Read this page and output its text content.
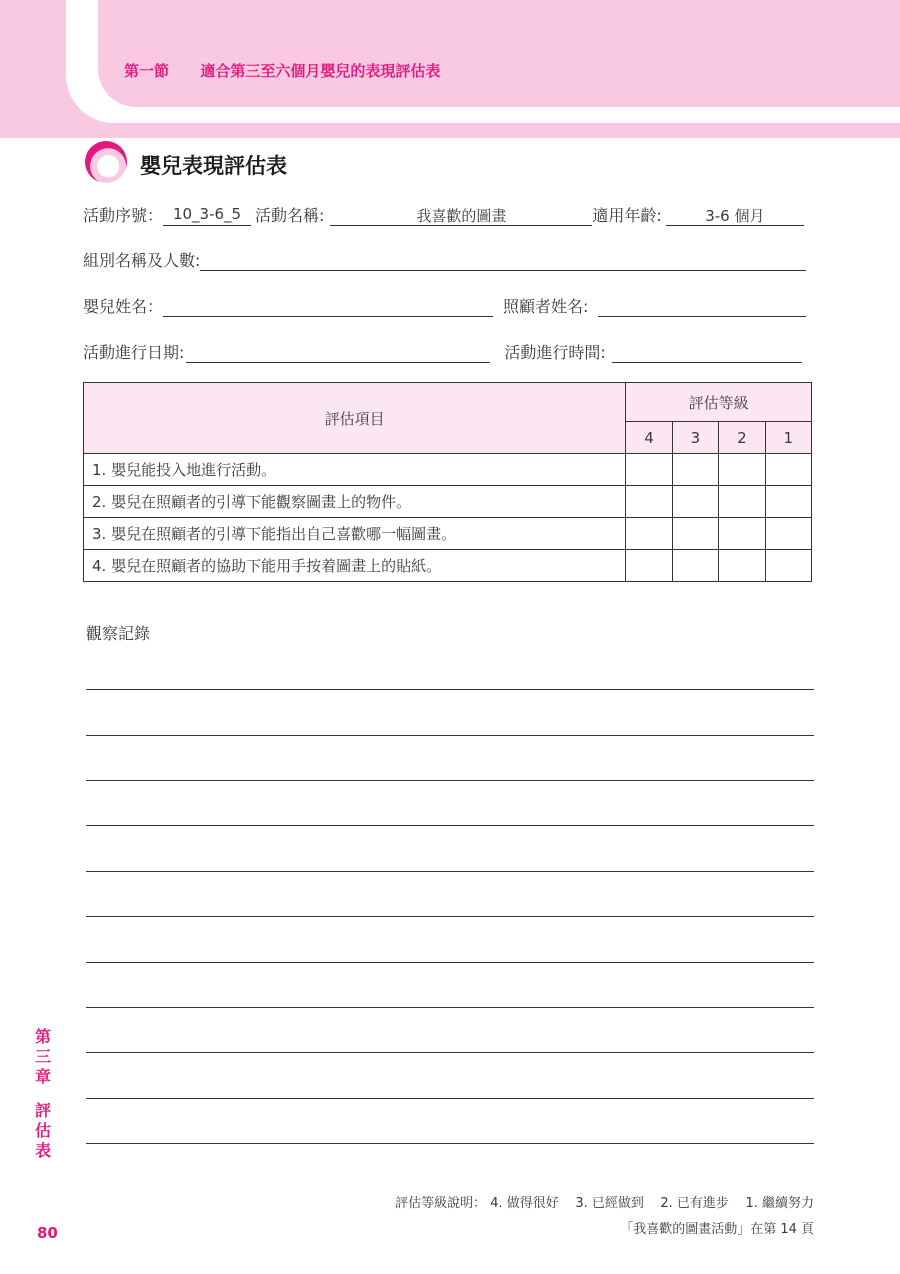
第一節 適合第三至六個月嬰兒的表現評估表
嬰兒表現評估表
活動序號： 10_3-6_5 活動名稱:	我喜歡的圖畫	適用年齡:	3-6 個月
組別名稱及人數:
嬰兒姓名：	照顧者姓名:
活動進行日期:	活動進行時間:
評估項目	評估等級			
	4	3	2	1
1. 嬰兒能投入地進行活動。				
2. 嬰兒在照顧者的引導下能觀察圖畫上的物件。				
3. 嬰兒在照顧者的引導下能指出自己喜歡哪一幅圖畫。				
4. 嬰兒在照顧者的協助下能用手按着圖畫上的貼紙。				
觀察記錄
第
三
章
評
估
表
80
評估等級說明： 4. 做得很好    3. 已經做到    2. 已有進步    1. 繼續努力
「我喜歡的圖畫活動」在第 14 頁
